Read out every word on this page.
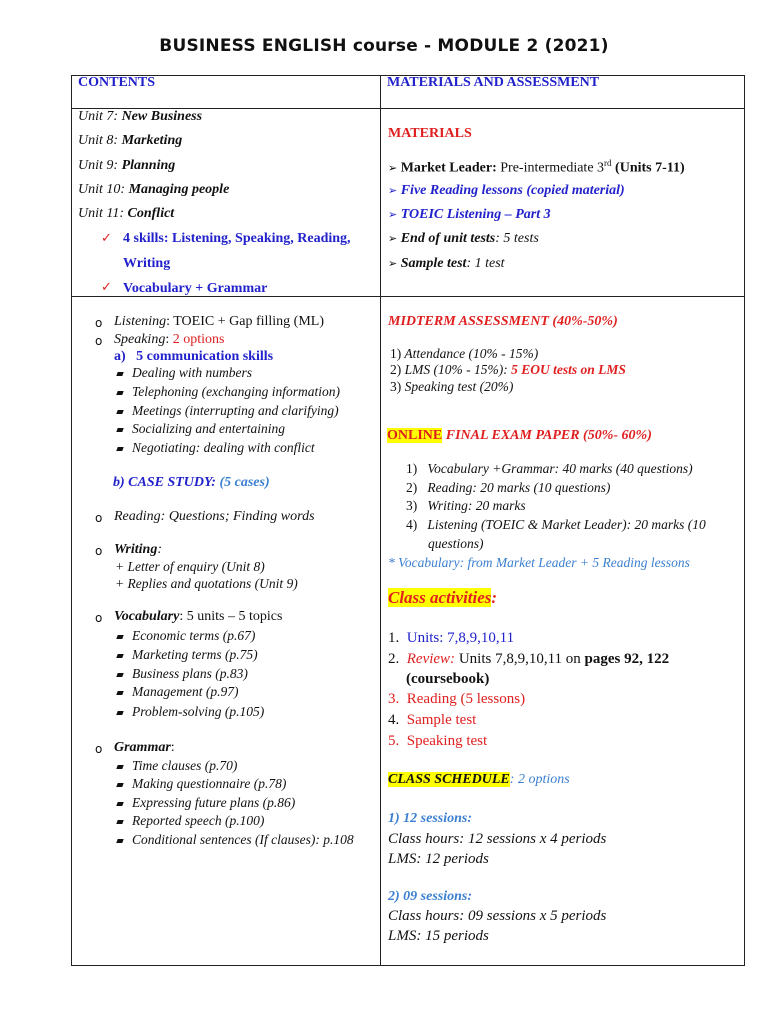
BUSINESS ENGLISH course - MODULE 2 (2021)
CONTENTS	MATERIALS AND ASSESSMENT
Unit 7: New Business
Unit 8: Marketing
Unit 9: Planning
Unit 10: Managing people
Unit 11: Conflict
✓ 4 skills: Listening, Speaking, Reading,
Writing
✓ Vocabulary + Grammar
MATERIALS
➢ Market Leader: Pre-intermediate 3rd (Units 7-11)
➢ Five Reading lessons (copied material)
➢ TOEIC Listening – Part 3
➢ End of unit tests: 5 tests
➢ Sample test: 1 test
o Listening: TOEIC + Gap filling (ML)
o Speaking: 2 options
a) 5 communication skills
Dealing with numbers
Telephoning (exchanging information)
Meetings (interrupting and clarifying)
Socializing and entertaining
Negotiating: dealing with conflict
b) CASE STUDY: (5 cases)
o Reading: Questions; Finding words
o Writing:
+ Letter of enquiry (Unit 8)
+ Replies and quotations (Unit 9)
o Vocabulary: 5 units – 5 topics
Economic terms (p.67)
Marketing terms (p.75)
Business plans (p.83)
Management (p.97)
Problem-solving (p.105)
o Grammar:
Time clauses (p.70)
Making questionnaire (p.78)
Expressing future plans (p.86)
Reported speech (p.100)
Conditional sentences (If clauses): p.108
MIDTERM ASSESSMENT (40%-50%)
1) Attendance (10% - 15%)
2) LMS (10% - 15%): 5 EOU tests on LMS
3) Speaking test (20%)
ONLINE FINAL EXAM PAPER (50%- 60%)
1) Vocabulary +Grammar: 40 marks (40 questions)
2) Reading: 20 marks (10 questions)
3) Writing: 20 marks
4) Listening (TOEIC & Market Leader): 20 marks (10
questions)
* Vocabulary: from Market Leader + 5 Reading lessons
Class activities:
1. Units: 7,8,9,10,11
2. Review: Units 7,8,9,10,11 on pages 92, 122
(coursebook)
3. Reading (5 lessons)
4. Sample test
5. Speaking test
CLASS SCHEDULE: 2 options
1) 12 sessions:
Class hours: 12 sessions x 4 periods
LMS: 12 periods
2) 09 sessions:
Class hours: 09 sessions x 5 periods
LMS: 15 periods
